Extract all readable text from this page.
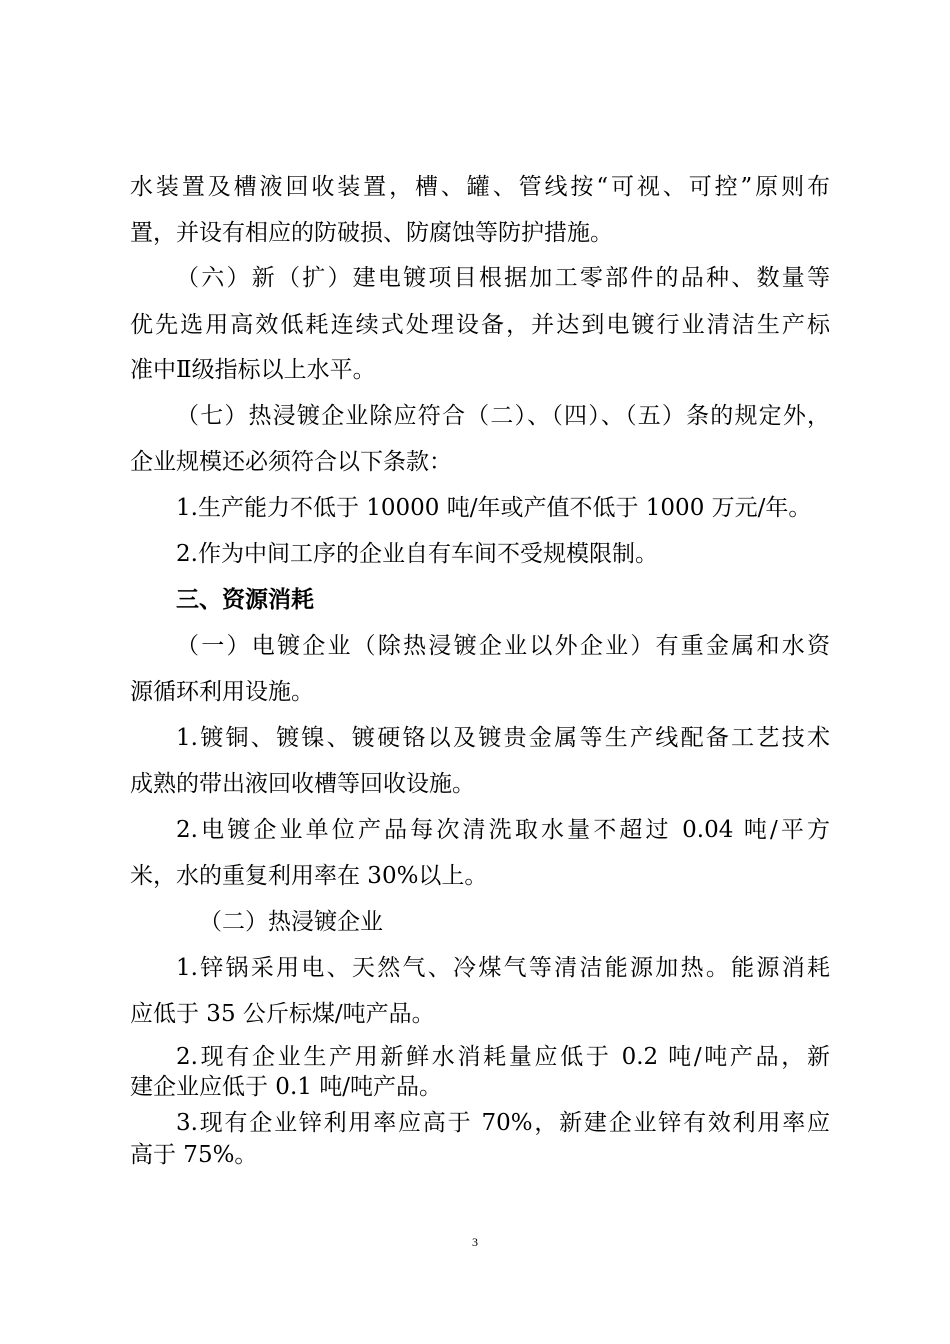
水装置及槽液回收装置，槽、罐、管线按“可视、可控”原则布
置，并设有相应的防破损、防腐蚀等防护措施。
（六）新（扩）建电镀项目根据加工零部件的品种、数量等
优先选用高效低耗连续式处理设备，并达到电镀行业清洁生产标
准中Ⅱ级指标以上水平。
（七）热浸镀企业除应符合（二）、（四）、（五）条的规定外，
企业规模还必须符合以下条款：
1.生产能力不低于 10000 吨/年或产值不低于 1000 万元/年。
2.作为中间工序的企业自有车间不受规模限制。
三、资源消耗
（一）电镀企业（除热浸镀企业以外企业）有重金属和水资
源循环利用设施。
1.镀铜、镀镍、镀硬铬以及镀贵金属等生产线配备工艺技术
成熟的带出液回收槽等回收设施。
2.电镀企业单位产品每次清洗取水量不超过 0.04 吨/平方
米，水的重复利用率在 30%以上。
（二）热浸镀企业
1.锌锅采用电、天然气、冷煤气等清洁能源加热。能源消耗
应低于 35 公斤标煤/吨产品。
2.现有企业生产用新鲜水消耗量应低于 0.2 吨/吨产品，新
建企业应低于 0.1 吨/吨产品。
3.现有企业锌利用率应高于 70%，新建企业锌有效利用率应
高于 75%。
3
